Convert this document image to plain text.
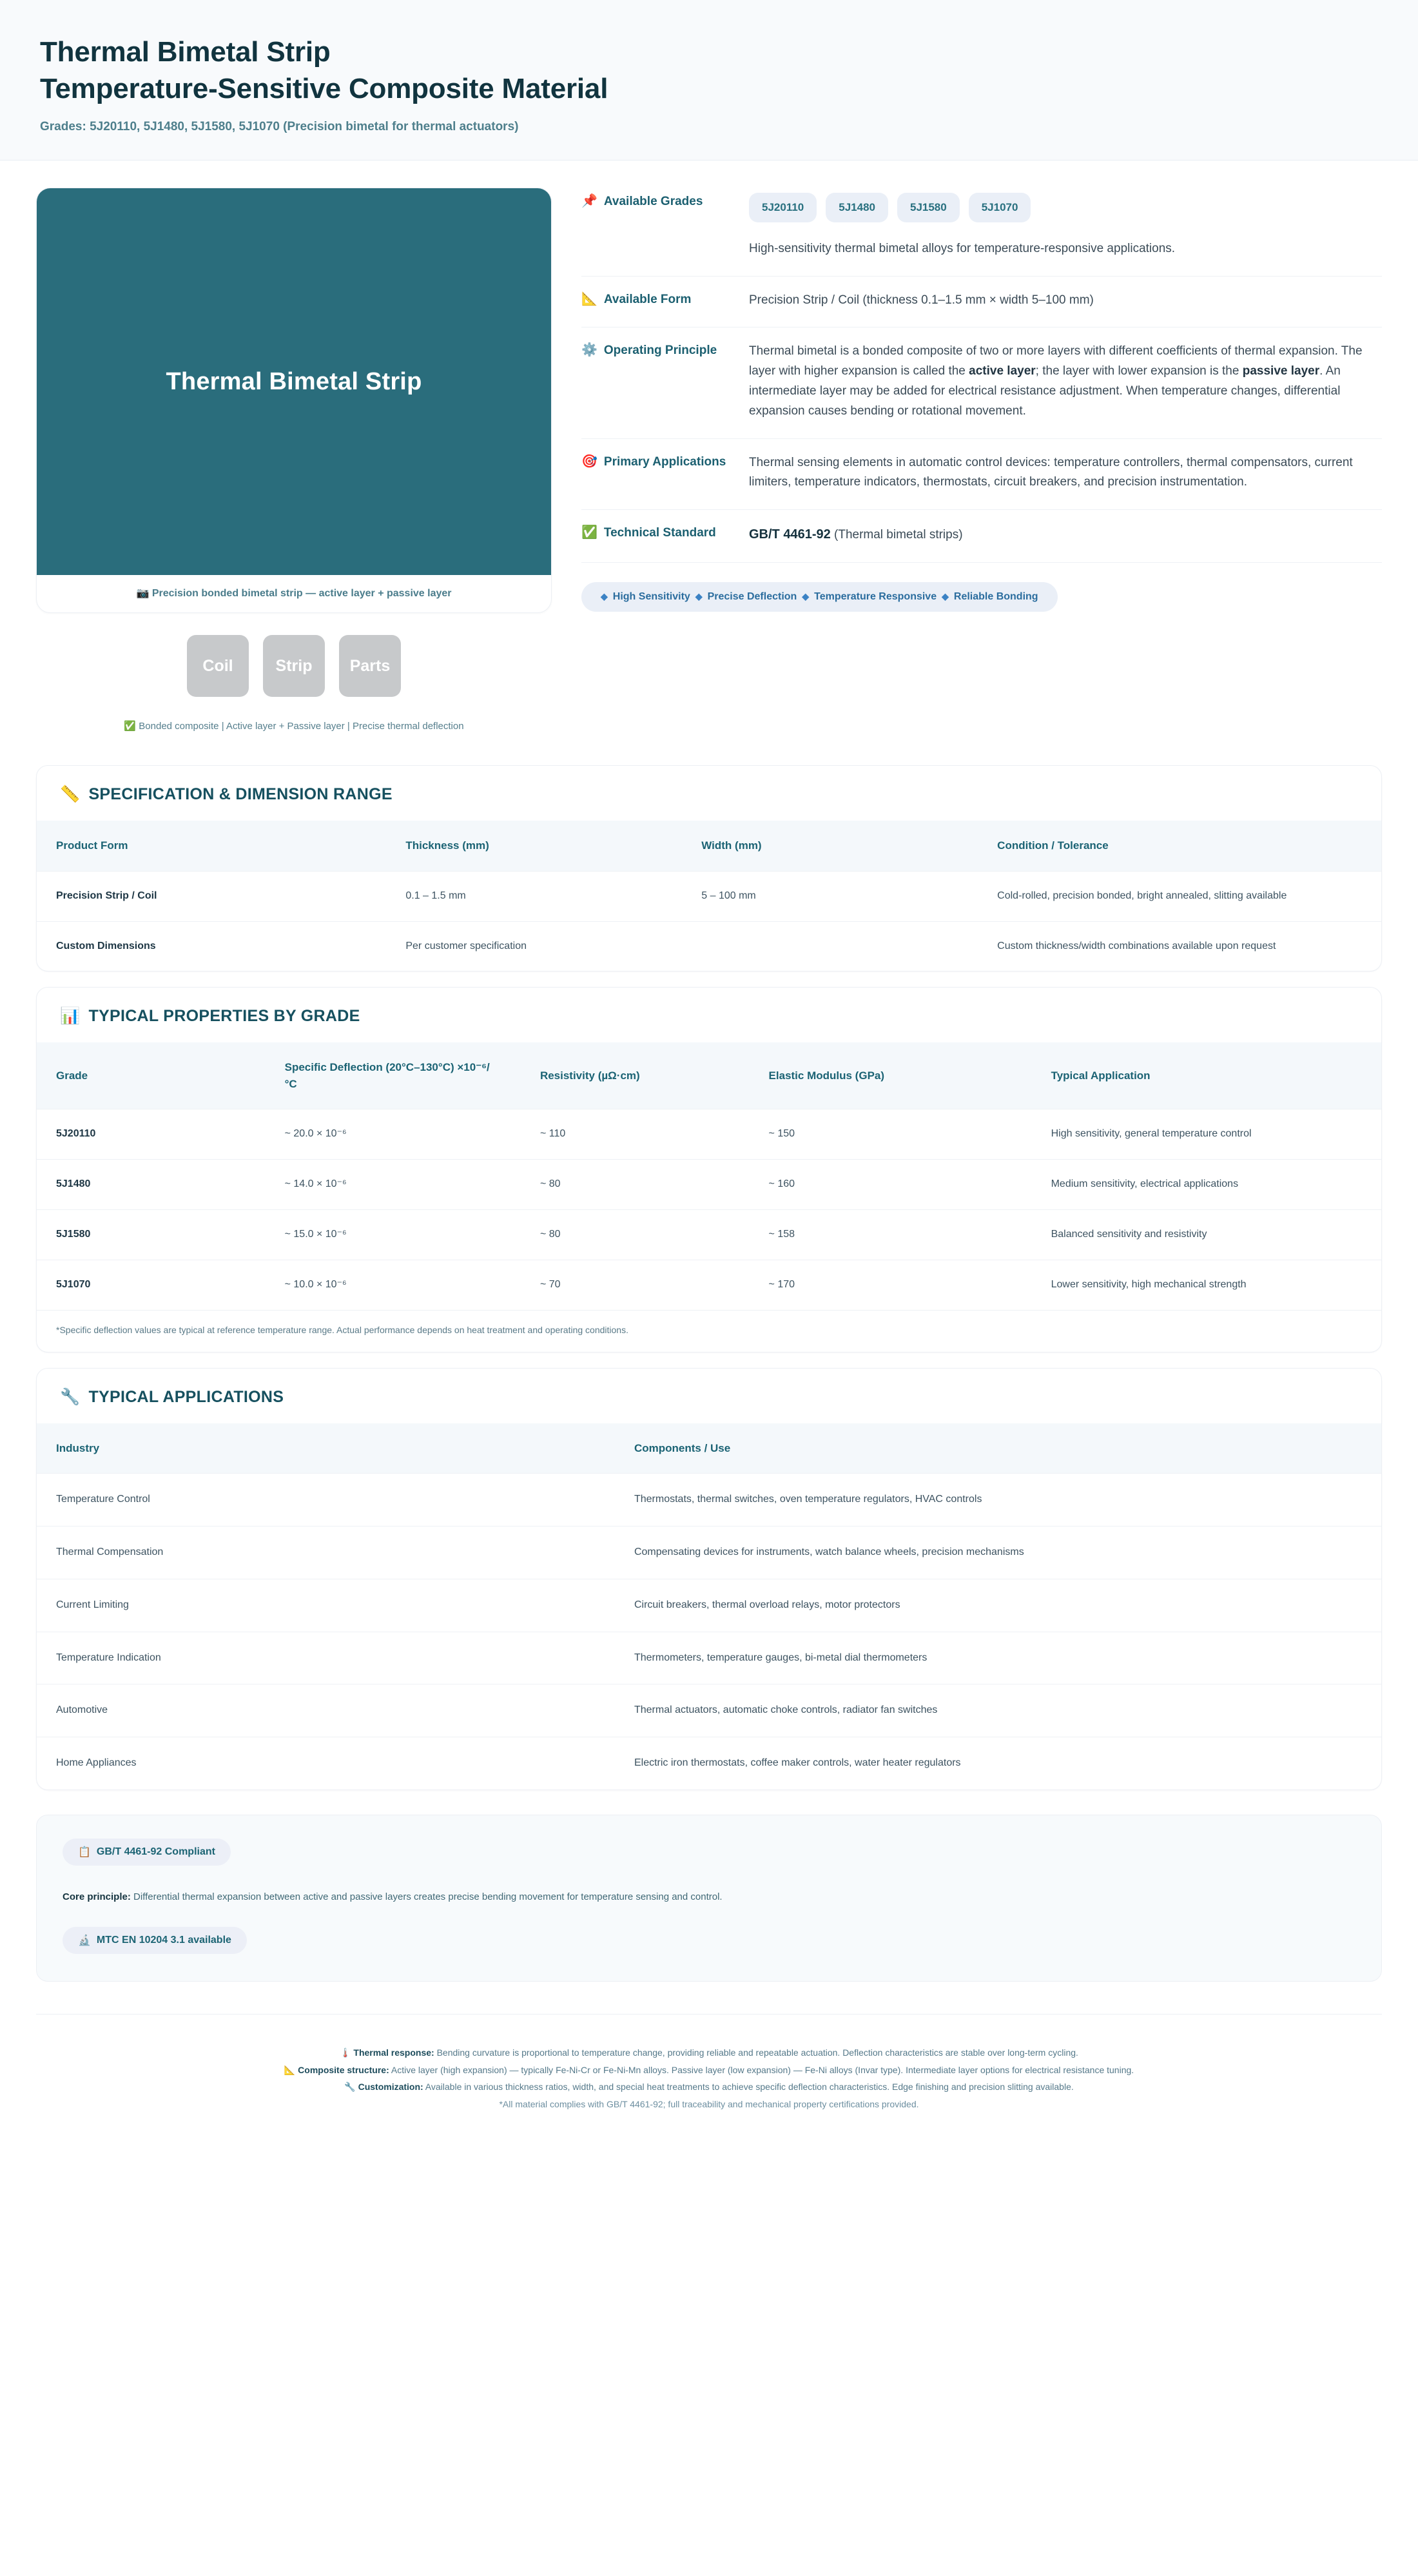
Thermal Bimetal Strip
Temperature-Sensitive Composite Material
Grades: 5J20110, 5J1480, 5J1580, 5J1070 (Precision bimetal for thermal actuators)
Thermal Bimetal Strip
📷 Precision bonded bimetal strip — active layer + passive layer
Coil	Strip	Parts
✅ Bonded composite | Active layer + Passive layer | Precise thermal deflection
📌 Available Grades	5J20110	5J1480	5J1580	5J1070
High-sensitivity thermal bimetal alloys for temperature-responsive applications.
📐 Available Form	Precision Strip / Coil (thickness 0.1–1.5 mm × width 5–100 mm)
⚙️ Operating Principle	Thermal bimetal is a bonded composite of two or more layers with different coefficients of thermal expansion. The layer with higher expansion is called the active layer; the layer with lower expansion is the passive layer. An intermediate layer may be added for electrical resistance adjustment. When temperature changes, differential expansion causes bending or rotational movement.
🎯 Primary Applications Thermal sensing elements in automatic control devices: temperature controllers, thermal compensators, current limiters, temperature indicators, thermostats, circuit breakers, and precision instrumentation.
✅ Technical Standard	GB/T 4461-92 (Thermal bimetal strips)
◆ High Sensitivity ◆ Precise Deflection ◆ Temperature Responsive ◆ Reliable Bonding
📏 SPECIFICATION & DIMENSION RANGE
Product Form	Thickness (mm)	Width (mm)	Condition / Tolerance
Precision Strip / Coil	0.1 – 1.5 mm	5 – 100 mm	Cold-rolled, precision bonded, bright annealed, slitting available
Custom Dimensions	Per customer specification		Custom thickness/width combinations available upon request
📊 TYPICAL PROPERTIES BY GRADE
Grade	Specific Deflection (20°C–130°C) ×10⁻⁶/°C	Resistivity (µΩ·cm)	Elastic Modulus (GPa)	Typical Application
5J20110	~ 20.0 × 10⁻⁶	~ 110	~ 150	High sensitivity, general temperature control
5J1480	~ 14.0 × 10⁻⁶	~ 80	~ 160	Medium sensitivity, electrical applications
5J1580	~ 15.0 × 10⁻⁶	~ 80	~ 158	Balanced sensitivity and resistivity
5J1070	~ 10.0 × 10⁻⁶	~ 70	~ 170	Lower sensitivity, high mechanical strength
*Specific deflection values are typical at reference temperature range. Actual performance depends on heat treatment and operating conditions.
🔧 TYPICAL APPLICATIONS
Industry	Components / Use
Temperature Control	Thermostats, thermal switches, oven temperature regulators, HVAC controls
Thermal Compensation	Compensating devices for instruments, watch balance wheels, precision mechanisms
Current Limiting	Circuit breakers, thermal overload relays, motor protectors
Temperature Indication	Thermometers, temperature gauges, bi-metal dial thermometers
Automotive	Thermal actuators, automatic choke controls, radiator fan switches
Home Appliances	Electric iron thermostats, coffee maker controls, water heater regulators
📋 GB/T 4461-92 Compliant
Core principle: Differential thermal expansion between active and passive layers creates precise bending movement for temperature sensing and control.
🔬 MTC EN 10204 3.1 available

🌡️ Thermal response: Bending curvature is proportional to temperature change, providing reliable and repeatable actuation. Deflection characteristics are stable over long-term cycling.

📐 Composite structure: Active layer (high expansion) — typically Fe-Ni-Cr or Fe-Ni-Mn alloys. Passive layer (low expansion) — Fe-Ni alloys (Invar type). Intermediate layer options for electrical resistance tuning.

🔧 Customization: Available in various thickness ratios, width, and special heat treatments to achieve specific deflection characteristics. Edge finishing and precision slitting available.

*All material complies with GB/T 4461-92; full traceability and mechanical property certifications provided.
